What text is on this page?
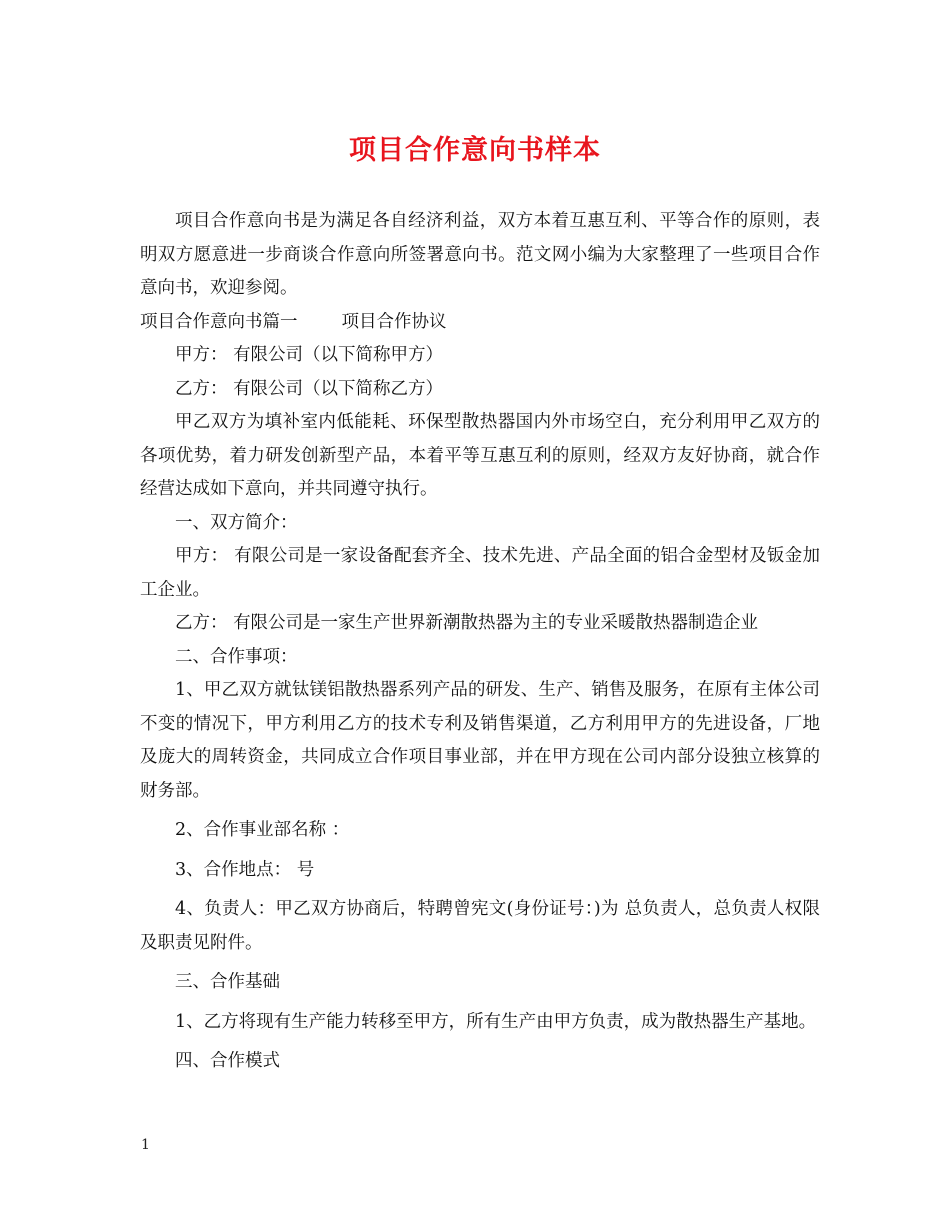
项目合作意向书样本

项目合作意向书是为满足各自经济利益，双方本着互惠互利、平等合作的原则，表明双方愿意进一步商谈合作意向所签署意向书。范文网小编为大家整理了一些项目合作意向书，欢迎参阅。

项目合作意向书篇一	项目合作协议

甲方： 有限公司（以下简称甲方）

乙方： 有限公司（以下简称乙方）

甲乙双方为填补室内低能耗、环保型散热器国内外市场空白，充分利用甲乙双方的各项优势，着力研发创新型产品，本着平等互惠互利的原则，经双方友好协商，就合作经营达成如下意向，并共同遵守执行。

一、双方简介：

甲方： 有限公司是一家设备配套齐全、技术先进、产品全面的铝合金型材及钣金加工企业。

乙方： 有限公司是一家生产世界新潮散热器为主的专业采暖散热器制造企业

二、合作事项：

1、甲乙双方就钛镁铝散热器系列产品的研发、生产、销售及服务，在原有主体公司不变的情况下，甲方利用乙方的技术专利及销售渠道，乙方利用甲方的先进设备，厂地及庞大的周转资金，共同成立合作项目事业部，并在甲方现在公司内部分设独立核算的财务部。

2、合作事业部名称 ：

3、合作地点： 号

4、负责人：甲乙双方协商后，特聘曾宪文(身份证号：)为 总负责人，总负责人权限及职责见附件。

三、合作基础

1、乙方将现有生产能力转移至甲方，所有生产由甲方负责，成为散热器生产基地。

四、合作模式

1
